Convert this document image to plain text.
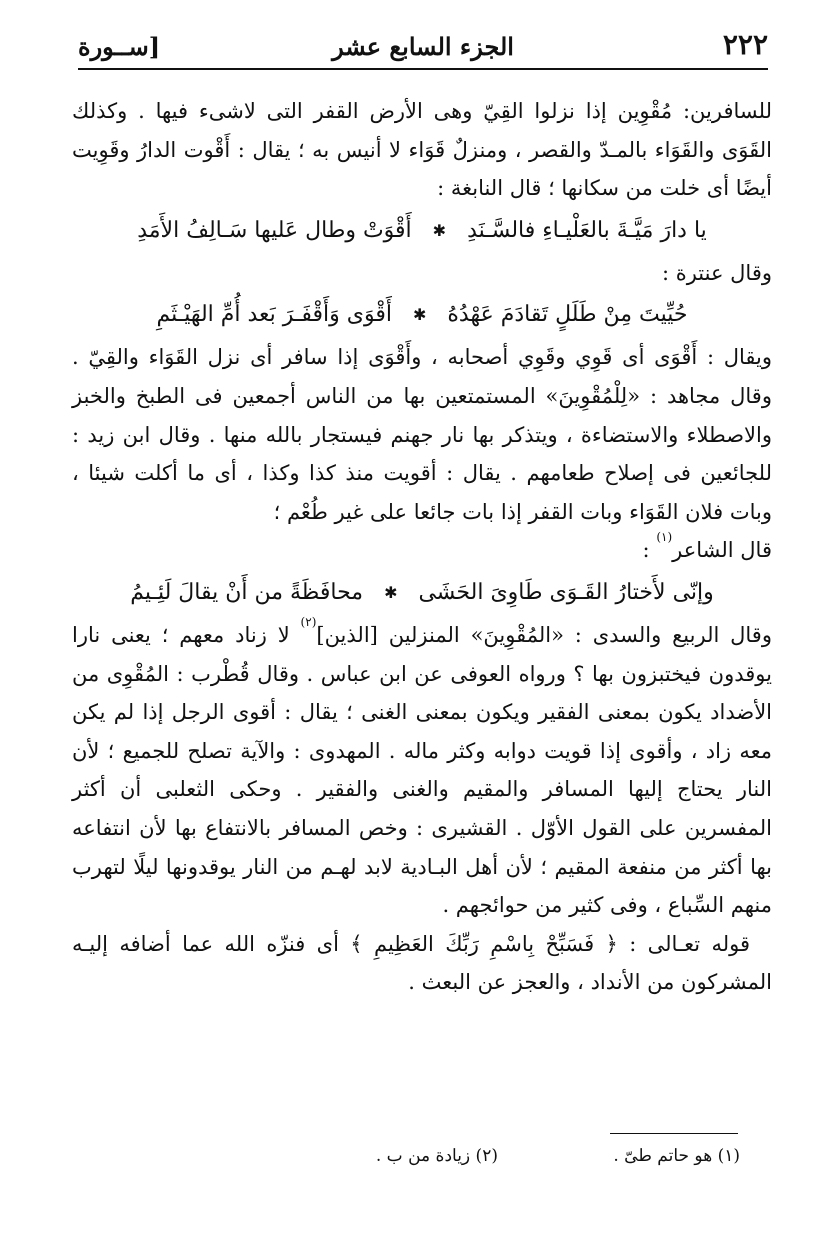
٢٢٢
الجزء السابع عشر
[ســورة

للسافرين: مُقْوِين إذا نزلوا القِيّ وهى الأرض القفر التى لاشىء فيها . وكذلك القَوَى والقَوَاء بالمـدّ والقصر ، ومنزلٌ قَوَاء لا أنيس به ؛ يقال : أَقْوت الدارُ وقَوِيت أيضًا أى خلت من سكانها ؛ قال النابغة :

يا دارَ مَيَّـةَ بالعَلْيـاءِ فالسَّـنَدِ ✱ أَقْوَتْ وطال عَليها سَـالِفُ الأَمَدِ

وقال عنترة :

حُيِّيتَ مِنْ طَلَلٍ تَقادَمَ عَهْدُهُ ✱ أَقْوَى وَأَقْفَـرَ بَعد أُمِّ الهَيْـثَمِ

ويقال : أَقْوَى أى قَوِي وقَوِي أصحابه ، وأَقْوَى إذا سافر أى نزل القَوَاء والقِيّ . وقال مجاهد : «لِلْمُقْوِينَ» المستمتعين بها من الناس أجمعين فى الطبخ والخبز والاصطلاء والاستضاءة ، ويتذكر بها نار جهنم فيستجار بالله منها . وقال ابن زيد : للجائعين فى إصلاح طعامهم . يقال : أقويت منذ كذا وكذا ، أى ما أكلت شيئا ، وبات فلان القَوَاء وبات القفر إذا بات جائعا على غير طُعْم ؛

قال الشاعر$^{(١)}$ :

وإنّى لأَختارُ القَـوَى طَاوِىَ الحَشَى ✱ محافَظَةً من أَنْ يقالَ لَئِـيمُ

وقال الربيع والسدى : «المُقْوِينَ» المنزلين [الذين]$^{(٢)}$ لا زناد معهم ؛ يعنى نارا يوقدون فيختبزون بها ؟ ورواه العوفى عن ابن عباس . وقال قُطْرب : المُقْوِى من الأضداد يكون بمعنى الفقير ويكون بمعنى الغنى ؛ يقال : أقوى الرجل إذا لم يكن معه زاد ، وأقوى إذا قويت دوابه وكثر ماله . المهدوى : والآية تصلح للجميع ؛ لأن النار يحتاج إليها المسافر والمقيم والغنى والفقير . وحكى الثعلبى أن أكثر المفسرين على القول الأوّل . القشيرى : وخص المسافر بالانتفاع بها لأن انتفاعه بها أكثر من منفعة المقيم ؛ لأن أهل البـادية لابد لهـم من النار يوقدونها ليلًا لتهرب منهم السِّباع ، وفى كثير من حوائجهم .

قوله تعـالى : ﴿ فَسَبِّحْ بِاسْمِ رَبِّكَ العَظِيمِ ﴾ أى فنزّه الله عما أضافه إليـه المشركون من الأنداد ، والعجز عن البعث .

(١) هو حاتم طىّ . (٢) زيادة من ب .
